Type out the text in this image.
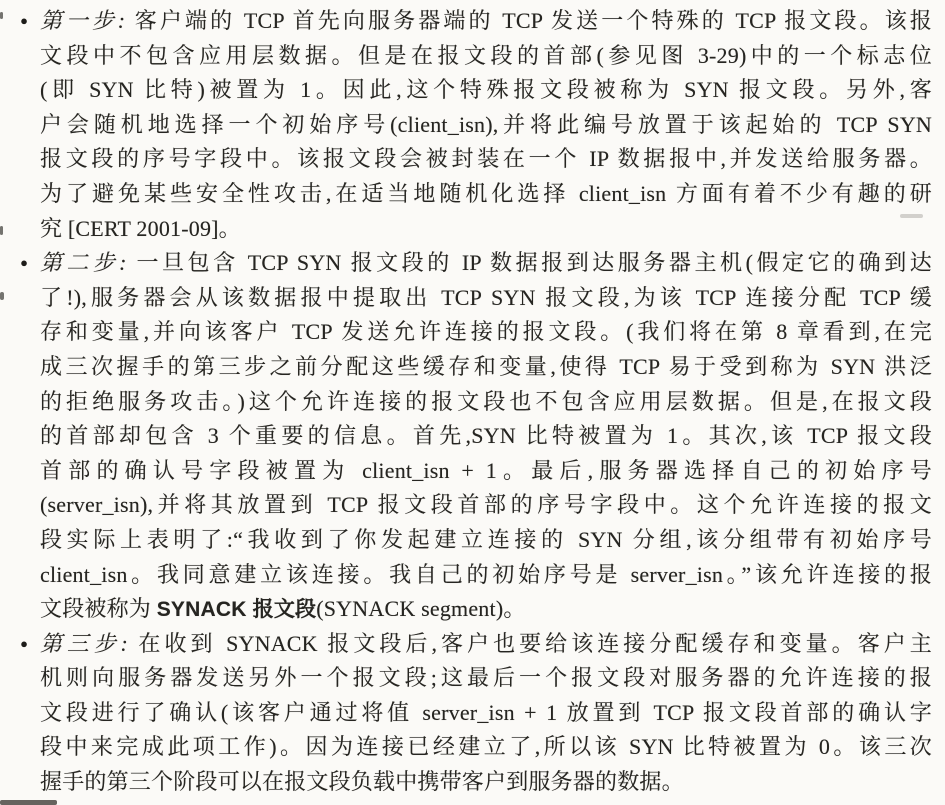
● 第一步: 客户端的 TCP 首先向服务器端的 TCP 发送一个特殊的 TCP 报文段。该报
文段中不包含应用层数据。但是在报文段的首部(参见图 3-29)中的一个标志位
(即 SYN 比特)被置为 1。因此,这个特殊报文段被称为 SYN 报文段。另外,客
户会随机地选择一个初始序号(client_isn),并将此编号放置于该起始的 TCP SYN
报文段的序号字段中。该报文段会被封装在一个 IP 数据报中,并发送给服务器。
为了避免某些安全性攻击,在适当地随机化选择 client_isn 方面有着不少有趣的研
究 [CERT 2001-09]。
● 第二步: 一旦包含 TCP SYN 报文段的 IP 数据报到达服务器主机(假定它的确到达
了!),服务器会从该数据报中提取出 TCP SYN 报文段,为该 TCP 连接分配 TCP 缓
存和变量,并向该客户 TCP 发送允许连接的报文段。(我们将在第 8 章看到,在完
成三次握手的第三步之前分配这些缓存和变量,使得 TCP 易于受到称为 SYN 洪泛
的拒绝服务攻击。)这个允许连接的报文段也不包含应用层数据。但是,在报文段
的首部却包含 3 个重要的信息。首先,SYN 比特被置为 1。其次,该 TCP 报文段
首部的确认号字段被置为 client_isn + 1。最后,服务器选择自己的初始序号
(server_isn),并将其放置到 TCP 报文段首部的序号字段中。这个允许连接的报文
段实际上表明了:“我收到了你发起建立连接的 SYN 分组,该分组带有初始序号
client_isn。我同意建立该连接。我自己的初始序号是 server_isn。”该允许连接的报
文段被称为 SYNACK 报文段(SYNACK segment)。
● 第三步: 在收到 SYNACK 报文段后,客户也要给该连接分配缓存和变量。客户主
机则向服务器发送另外一个报文段;这最后一个报文段对服务器的允许连接的报
文段进行了确认(该客户通过将值 server_isn + 1 放置到 TCP 报文段首部的确认字
段中来完成此项工作)。因为连接已经建立了,所以该 SYN 比特被置为 0。该三次
握手的第三个阶段可以在报文段负载中携带客户到服务器的数据。
